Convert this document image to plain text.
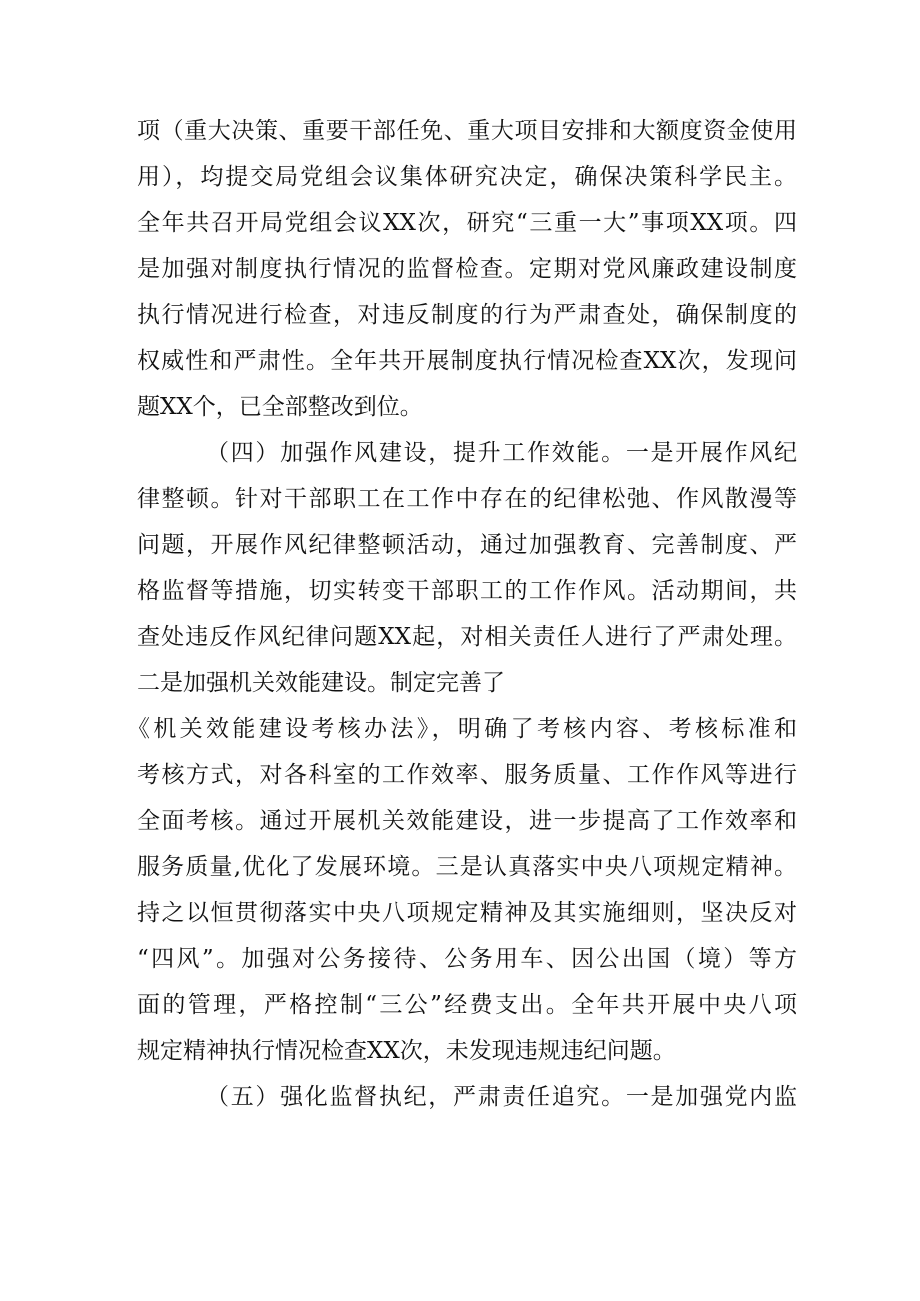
项（重大决策、重要干部任免、重大项目安排和大额度资金使用
用），均提交局党组会议集体研究决定，确保决策科学民主。
全年共召开局党组会议XX次，研究“三重一大”事项XX项。四
是加强对制度执行情况的监督检查。定期对党风廉政建设制度
执行情况进行检查，对违反制度的行为严肃查处，确保制度的
权威性和严肃性。全年共开展制度执行情况检查XX次，发现问
题XX个，已全部整改到位。
（四）加强作风建设，提升工作效能。一是开展作风纪
律整顿。针对干部职工在工作中存在的纪律松弛、作风散漫等
问题，开展作风纪律整顿活动，通过加强教育、完善制度、严
格监督等措施，切实转变干部职工的工作作风。活动期间，共
查处违反作风纪律问题XX起，对相关责任人进行了严肃处理。
二是加强机关效能建设。制定完善了
《机关效能建设考核办法》，明确了考核内容、考核标准和
考核方式，对各科室的工作效率、服务质量、工作作风等进行
全面考核。通过开展机关效能建设，进一步提高了工作效率和
服务质量,优化了发展环境。三是认真落实中央八项规定精神。
持之以恒贯彻落实中央八项规定精神及其实施细则，坚决反对
“四风”。加强对公务接待、公务用车、因公出国（境）等方
面的管理，严格控制“三公”经费支出。全年共开展中央八项
规定精神执行情况检查XX次，未发现违规违纪问题。
（五）强化监督执纪，严肃责任追究。一是加强党内监
